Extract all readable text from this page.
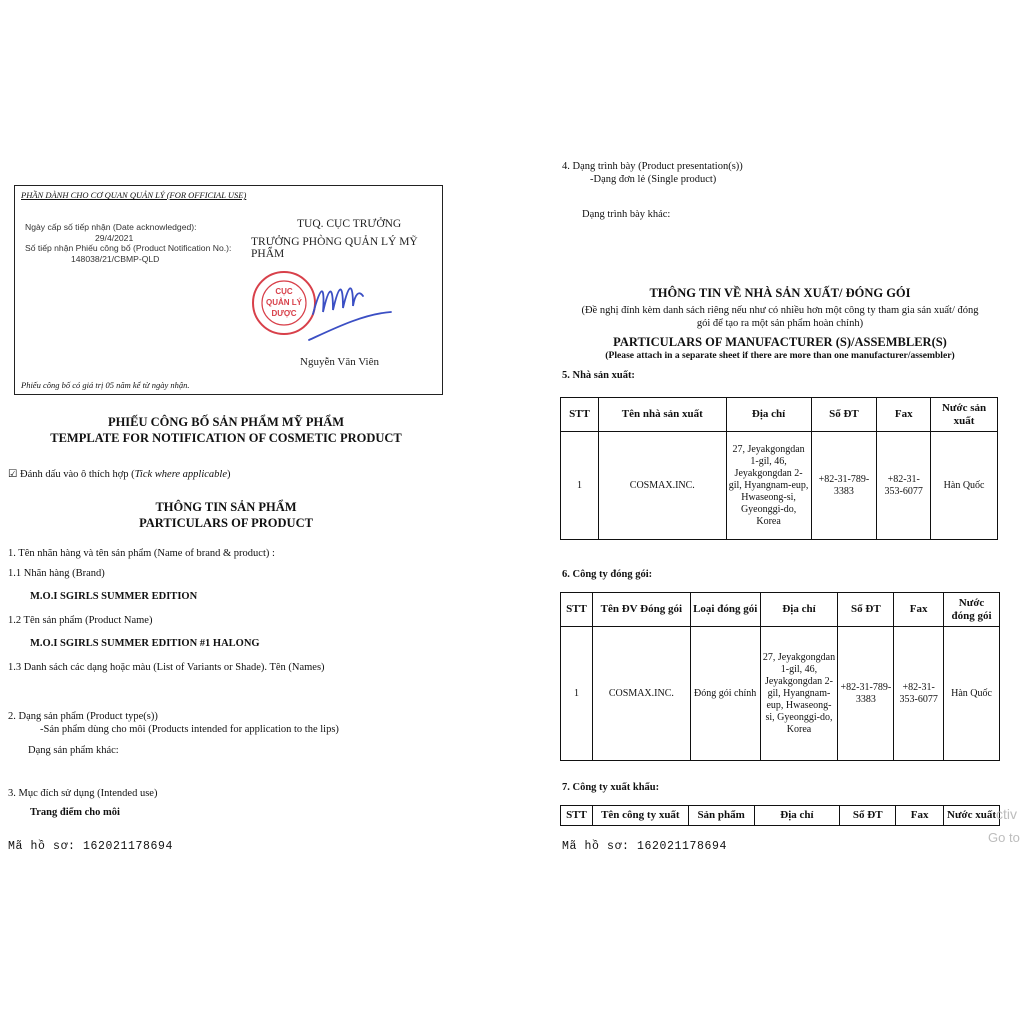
PHẦN DÀNH CHO CƠ QUAN QUẢN LÝ (FOR OFFICIAL USE)
Ngày cấp số tiếp nhận (Date acknowledged):
29/4/2021
Số tiếp nhận Phiếu công bố (Product Notification No.):
148038/21/CBMP-QLD
TUQ. CỤC TRƯỞNG
TRƯỞNG PHÒNG QUẢN LÝ MỸ PHẨM
CỤC
QUẢN LÝ
DƯỢC
Nguyễn Văn Viên
Phiếu công bố có giá trị 05 năm kể từ ngày nhận.
PHIẾU CÔNG BỐ SẢN PHẨM MỸ PHẨM
TEMPLATE FOR NOTIFICATION OF COSMETIC PRODUCT
☑ Đánh dấu vào ô thích hợp (Tick where applicable)
THÔNG TIN SẢN PHẨM
PARTICULARS OF PRODUCT
1. Tên nhãn hàng và tên sản phẩm (Name of brand & product) :
1.1 Nhãn hàng (Brand)
M.O.I SGIRLS SUMMER EDITION
1.2 Tên sản phẩm (Product Name)
M.O.I SGIRLS SUMMER EDITION #1 HALONG
1.3 Danh sách các dạng hoặc màu (List of Variants or Shade). Tên (Names)
2. Dạng sản phẩm (Product type(s))
-Sản phẩm dùng cho môi (Products intended for application to the lips)
Dạng sản phẩm khác:
3. Mục đích sử dụng (Intended use)
Trang điểm cho môi
Mã hồ sơ: 162021178694
4. Dạng trình bày (Product presentation(s))
-Dạng đơn lẻ (Single product)
Dạng trình bày khác:
THÔNG TIN VỀ NHÀ SẢN XUẤT/ ĐÓNG GÓI
(Đề nghị đính kèm danh sách riêng nếu như có nhiều hơn một công ty tham gia sản xuất/ đóng
gói để tạo ra một sản phẩm hoàn chỉnh)
PARTICULARS OF MANUFACTURER (S)/ASSEMBLER(S)
(Please attach in a separate sheet if there are more than one manufacturer/assembler)
5. Nhà sản xuất:
STT	Tên nhà sản xuất	Địa chỉ	Số ĐT	Fax	Nước sản xuất
1	COSMAX.INC.	27, Jeyakgongdan 1-gil, 46, Jeyakgongdan 2-gil, Hyangnam-eup, Hwaseong-si, Gyeonggi-do, Korea	+82-31-789-3383	+82-31-353-6077	Hàn Quốc
6. Công ty đóng gói:
STT	Tên ĐV Đóng gói	Loại đóng gói	Địa chỉ	Số ĐT	Fax	Nước đóng gói
1	COSMAX.INC.	Đóng gói chính	27, Jeyakgongdan 1-gil, 46, Jeyakgongdan 2-gil, Hyangnam-eup, Hwaseong-si, Gyeonggi-do, Korea	+82-31-789-3383	+82-31-353-6077	Hàn Quốc
7. Công ty xuất khẩu:
STT	Tên công ty xuất	Sản phẩm	Địa chỉ	Số ĐT	Fax	Nước xuất
Mã hồ sơ: 162021178694
ctiv
Go to
